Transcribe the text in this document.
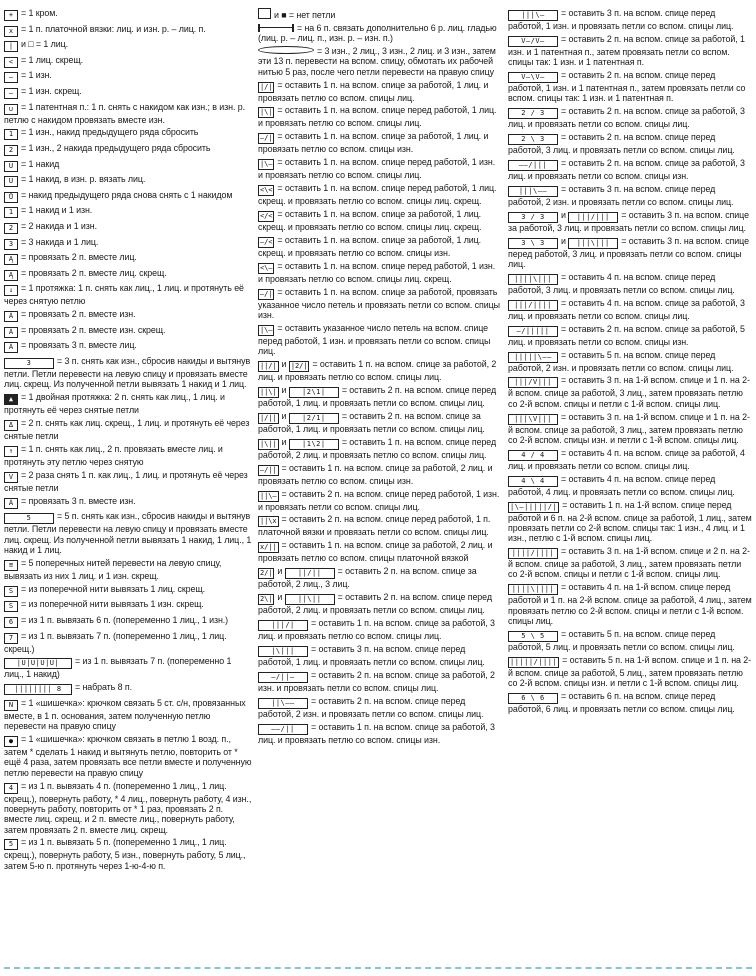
+ = 1 кром.
x = 1 п. платочной вязки: лиц. и изн. р. – лиц. п.
| и □ = 1 лиц.
< = 1 лиц. скрещ.
– = 1 изн.
– = 1 изн. скрещ.
∪ = 1 патентная п.: 1 п. снять с накидом как изн.; в изн. р. петлю с накидом провязать вместе изн.
1 = 1 изн., накид предыдущего ряда сбросить
2 = 1 изн., 2 накида предыдущего ряда сбросить
U = 1 накид
U = 1 накид, в изн. р. вязать лиц.
Ů = накид предыдущего ряда снова снять с 1 накидом
1 = 1 накид и 1 изн.
2 = 2 накида и 1 изн.
3 = 3 накида и 1 лиц.
Ą = провязать 2 п. вместе лиц.
Ą = провязать 2 п. вместе лиц. скрещ.
↓ = 1 протяжка: 1 п. снять как лиц., 1 лиц. и протянуть её через снятую петлю
Â = провязать 2 п. вместе изн.
Â = провязать 2 п. вместе изн. скрещ.
Â = провязать 3 п. вместе лиц.
3	= 3 п. снять как изн., сбросив накиды и вытянув петли. Петли перевести на левую спицу и провязать вместе лиц. скрещ. Из полученной петли вывязать 1 накид и 1 лиц.
▲ = 1 двойная протяжка: 2 п. снять как лиц., 1 лиц. и протянуть её через снятые петли
Δ = 2 п. снять как лиц. скрещ., 1 лиц. и протянуть её через снятые петли
↑ = 1 п. снять как лиц., 2 п. провязать вместе лиц. и протянуть эту петлю через снятую
V = 2 раза снять 1 п. как лиц., 1 лиц. и протянуть её через снятые петли
Â = провязать 3 п. вместе изн.
5	= 5 п. снять как изн., сбросив накиды и вытянув петли. Петли перевести на левую спицу и провязать вместе лиц. скрещ. Из полученной петли вывязать 1 накид, 1 лиц., 1 накид и 1 лиц.
≡ = 5 поперечных нитей перевести на левую спицу, вывязать из них 1 лиц. и 1 изн. скрещ.
S = из поперечной нити вывязать 1 лиц. скрещ.
S = из поперечной нити вывязать 1 изн. скрещ.
6 = из 1 п. вывязать 6 п. (попеременно 1 лиц., 1 изн.)
7 = из 1 п. вывязать 7 п. (попеременно 1 лиц., 1 лиц. скрещ.)
|U|U|U|U| = из 1 п. вывязать 7 п. (попеременно 1 лиц., 1 накид)
|||||||| 8 = набрать 8 п.
N = 1 «шишечка»: крючком связать 5 ст. с/н, провязанных вместе, в 1 п. основания, затем полученную петлю перевести на правую спицу
● = 1 «шишечка»: крючком связать в петлю 1 возд. п., затем * сделать 1 накид и вытянуть петлю, повторить от * ещё 4 раза, затем провязать все петли вместе и полученную петлю перевести на правую спицу
4 = из 1 п. вывязать 4 п. (попеременно 1 лиц., 1 лиц. скрещ.), повернуть работу, * 4 лиц., повернуть работу, 4 изн., повернуть работу, повторить от * 1 раз, провязать 2 п. вместе лиц. скрещ. и 2 п. вместе лиц., повернуть работу, затем провязать 2 п. вместе лиц. скрещ.
5 = из 1 п. вывязать 5 п. (попеременно 1 лиц., 1 лиц. скрещ.), повернуть работу, 5 изн., повернуть работу, 5 лиц., затем 5-ю п. протянуть через 1-ю-4-ю п.
и ■ = нет петли
= на 6 п. связать дополнительно 6 р. лиц. гладью (лиц. р. – лиц. п., изн. р. – изн. п.)
= 3 изн., 2 лиц., 3 изн., 2 лиц. и 3 изн., затем эти 13 п. перевести на вспом. спицу, обмотать их рабочей нитью 5 раз, после чего петли перевести на правую спицу
|/| = оставить 1 п. на вспом. спице за работой, 1 лиц. и провязать петлю со вспом. спицы лиц.
|\| = оставить 1 п. на вспом. спице перед работой, 1 лиц. и провязать петлю со вспом. спицы лиц.
–/| = оставить 1 п. на вспом. спице за работой, 1 лиц. и провязать петлю со вспом. спицы изн.
|\– = оставить 1 п. на вспом. спице перед работой, 1 изн. и провязать петлю со вспом. спицы лиц.
<\< = оставить 1 п. на вспом. спице перед работой, 1 лиц. скрещ. и провязать петлю со вспом. спицы лиц. скрещ.
</< = оставить 1 п. на вспом. спице за работой, 1 лиц. скрещ. и провязать петлю со вспом. спицы лиц. скрещ.
–/< = оставить 1 п. на вспом. спице за работой, 1 лиц. скрещ. и провязать петлю со вспом. спицы изн.
<\– = оставить 1 п. на вспом. спице перед работой, 1 изн. и провязать петлю со вспом. спицы лиц. скрещ.
–/| = оставить 1 п. на вспом. спице за работой, провязать указанное число петель и провязать петли со вспом. спицы изн.
|\– = оставить указанное число петель на вспом. спице перед работой, 1 изн. и провязать петли со вспом. спицы лиц.
||/| и |2/| = оставить 1 п. на вспом. спице за работой, 2 лиц. и провязать петлю со вспом. спицы лиц.
||\| и |2\1| = оставить 2 п. на вспом. спице перед работой, 1 лиц. и провязать петли со вспом. спицы лиц.
|/|| и |2/1| = оставить 2 п. на вспом. спице за работой, 1 лиц. и провязать петли со вспом. спицы лиц.
|\|| и |1\2| = оставить 1 п. на вспом. спице перед работой, 2 лиц. и провязать петлю со вспом. спицы лиц.
–/|| = оставить 1 п. на вспом. спице за работой, 2 лиц. и провязать петлю со вспом. спицы изн.
||\– = оставить 2 п. на вспом. спице перед работой, 1 изн. и провязать петли со вспом. спицы лиц.
||\x = оставить 2 п. на вспом. спице перед работой, 1 п. платочной вязки и провязать петли со вспом. спицы лиц.
x/|| = оставить 1 п. на вспом. спице за работой, 2 лиц. и провязать петлю со вспом. спицы платочной вязкой
2/| и ||/|| = оставить 2 п. на вспом. спице за работой, 2 лиц., 3 лиц.
2\| и ||\|| = оставить 2 п. на вспом. спице перед работой, 2 лиц. и провязать петли со вспом. спицы лиц.
|||/| = оставить 1 п. на вспом. спице за работой, 3 лиц. и провязать петлю со вспом. спицы лиц.
|\||| = оставить 3 п. на вспом. спице перед работой, 1 лиц. и провязать петли со вспом. спицы лиц.
–/||– = оставить 2 п. на вспом. спице за работой, 2 изн. и провязать петли со вспом. спицы лиц.
||\–– = оставить 2 п. на вспом. спице перед работой, 2 изн. и провязать петли со вспом. спицы лиц.
––/|| = оставить 1 п. на вспом. спице за работой, 3 лиц. и провязать петлю со вспом. спицы изн.
|||\– = оставить 3 п. на вспом. спице перед работой, 1 изн. и провязать петли со вспом. спицы лиц.
V–/V– = оставить 2 п. на вспом. спице за работой, 1 изн. и 1 патентная п., затем провязать петли со вспом. спицы так: 1 изн. и 1 патентная п.
V–\V– = оставить 2 п. на вспом. спице перед работой, 1 изн. и 1 патентная п., затем провязать петли со вспом. спицы так: 1 изн. и 1 патентная п.
2 / 3 = оставить 2 п. на вспом. спице за работой, 3 лиц. и провязать петли со вспом. спицы лиц.
2 \ 3 = оставить 2 п. на вспом. спице перед работой, 3 лиц. и провязать петли со вспом. спицы лиц.
––/||| = оставить 2 п. на вспом. спице за работой, 3 лиц. и провязать петли со вспом. спицы изн.
|||\–– = оставить 3 п. на вспом. спице перед работой, 2 изн. и провязать петли со вспом. спицы лиц.
3 / 3 и |||/||| = оставить 3 п. на вспом. спице за работой, 3 лиц. и провязать петли со вспом. спицы лиц.
3 \ 3 и |||\||| = оставить 3 п. на вспом. спице перед работой, 3 лиц. и провязать петли со вспом. спицы лиц.
||||\||| = оставить 4 п. на вспом. спице перед работой, 3 лиц. и провязать петли со вспом. спицы лиц.
|||/|||| = оставить 4 п. на вспом. спице за работой, 3 лиц. и провязать петли со вспом. спицы лиц.
–/||||| = оставить 2 п. на вспом. спице за работой, 5 лиц. и провязать петли со вспом. спицы изн.
|||||\–– = оставить 5 п. на вспом. спице перед работой, 2 изн. и провязать петли со вспом. спицы лиц.
|||/V||| = оставить 3 п. на 1-й вспом. спице и 1 п. на 2-й вспом. спице за работой, 3 лиц., затем провязать петлю со 2-й вспом. спицы и петли с 1-й вспом. спицы лиц.
|||\V||| = оставить 3 п. на 1-й вспом. спице и 1 п. на 2-й вспом. спице за работой, 3 лиц., затем провязать петлю со 2-й вспом. спицы изн. и петли с 1-й вспом. спицы лиц.
4 / 4 = оставить 4 п. на вспом. спице за работой, 4 лиц. и провязать петли со вспом. спицы лиц.
4 \ 4 = оставить 4 п. на вспом. спице перед работой, 4 лиц. и провязать петли со вспом. спицы лиц.
|\–|||||/| = оставить 1 п. на 1-й вспом. спице перед работой и 6 п. на 2-й вспом. спице за работой, 1 лиц., затем провязать петли со 2-й вспом. спицы так: 1 изн., 4 лиц. и 1 изн., петлю с 1-й вспом. спицы лиц.
||||/|||| = оставить 3 п. на 1-й вспом. спице и 2 п. на 2-й вспом. спице за работой, 3 лиц., затем провязать петли со 2-й вспом. спицы и петли с 1-й вспом. спицы лиц.
||||\|||| = оставить 4 п. на 1-й вспом. спице перед работой и 1 п. на 2-й вспом. спице за работой, 4 лиц., затем провязать петлю со 2-й вспом. спицы и петли с 1-й вспом. спицы лиц.
5 \ 5 = оставить 5 п. на вспом. спице перед работой, 5 лиц. и провязать петли со вспом. спицы лиц.
|||||/|||| = оставить 5 п. на 1-й вспом. спице и 1 п. на 2-й вспом. спице за работой, 5 лиц., затем провязать петлю со 2-й вспом. спицы изн. и петли с 1-й вспом. спицы лиц.
6 \ 6 = оставить 6 п. на вспом. спице перед работой, 6 лиц. и провязать петли со вспом. спицы лиц.
